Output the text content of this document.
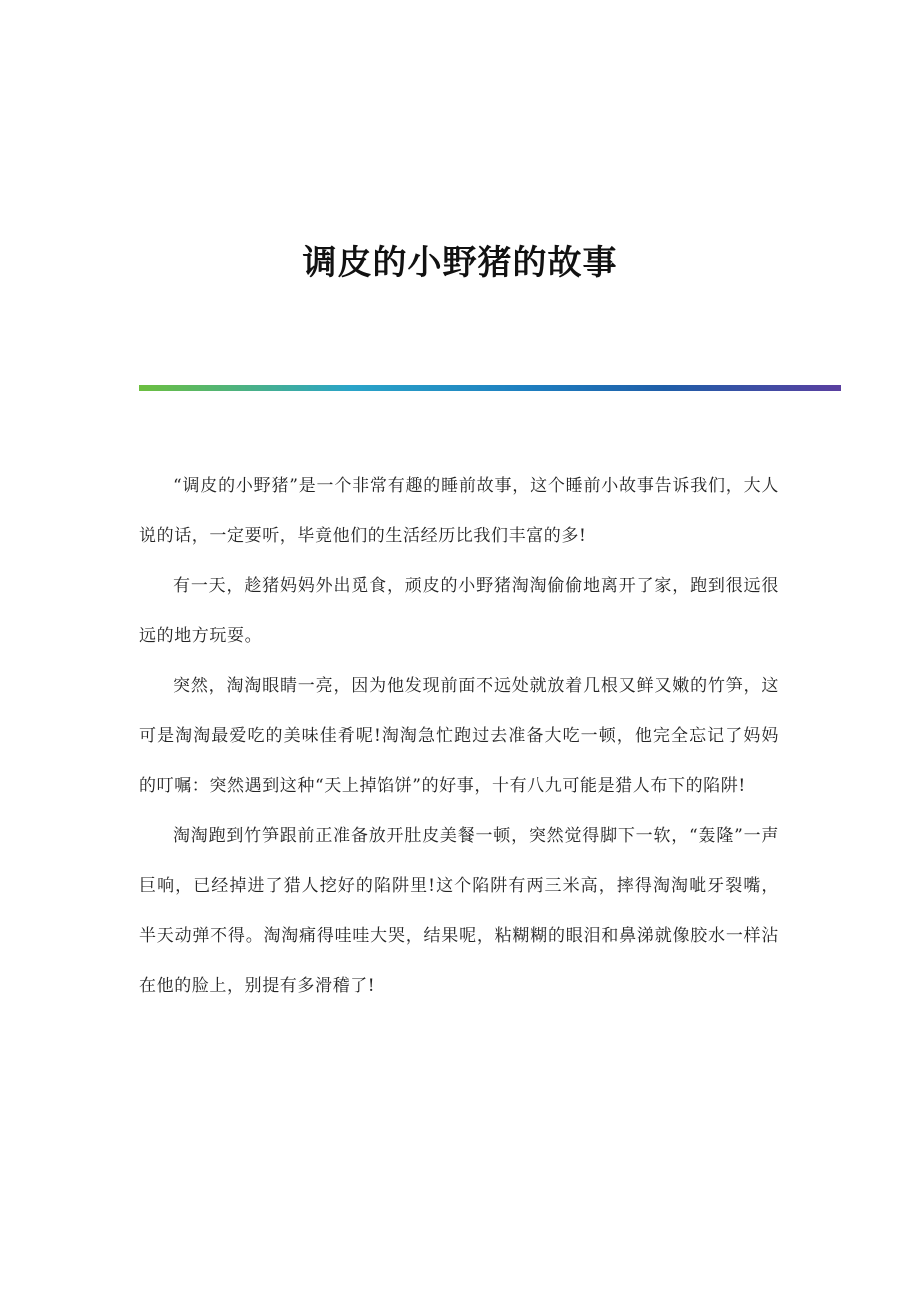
调皮的小野猪的故事

“调皮的小野猪”是一个非常有趣的睡前故事，这个睡前小故事告诉我们，大人说的话，一定要听，毕竟他们的生活经历比我们丰富的多!

有一天，趁猪妈妈外出觅食，顽皮的小野猪淘淘偷偷地离开了家，跑到很远很远的地方玩耍。

突然，淘淘眼睛一亮，因为他发现前面不远处就放着几根又鲜又嫩的竹笋，这可是淘淘最爱吃的美味佳肴呢!淘淘急忙跑过去准备大吃一顿，他完全忘记了妈妈的叮嘱：突然遇到这种“天上掉馅饼”的好事，十有八九可能是猎人布下的陷阱!

淘淘跑到竹笋跟前正准备放开肚皮美餐一顿，突然觉得脚下一软，“轰隆”一声巨响，已经掉进了猎人挖好的陷阱里!这个陷阱有两三米高，摔得淘淘呲牙裂嘴，半天动弹不得。淘淘痛得哇哇大哭，结果呢，粘糊糊的眼泪和鼻涕就像胶水一样沾在他的脸上，别提有多滑稽了!
